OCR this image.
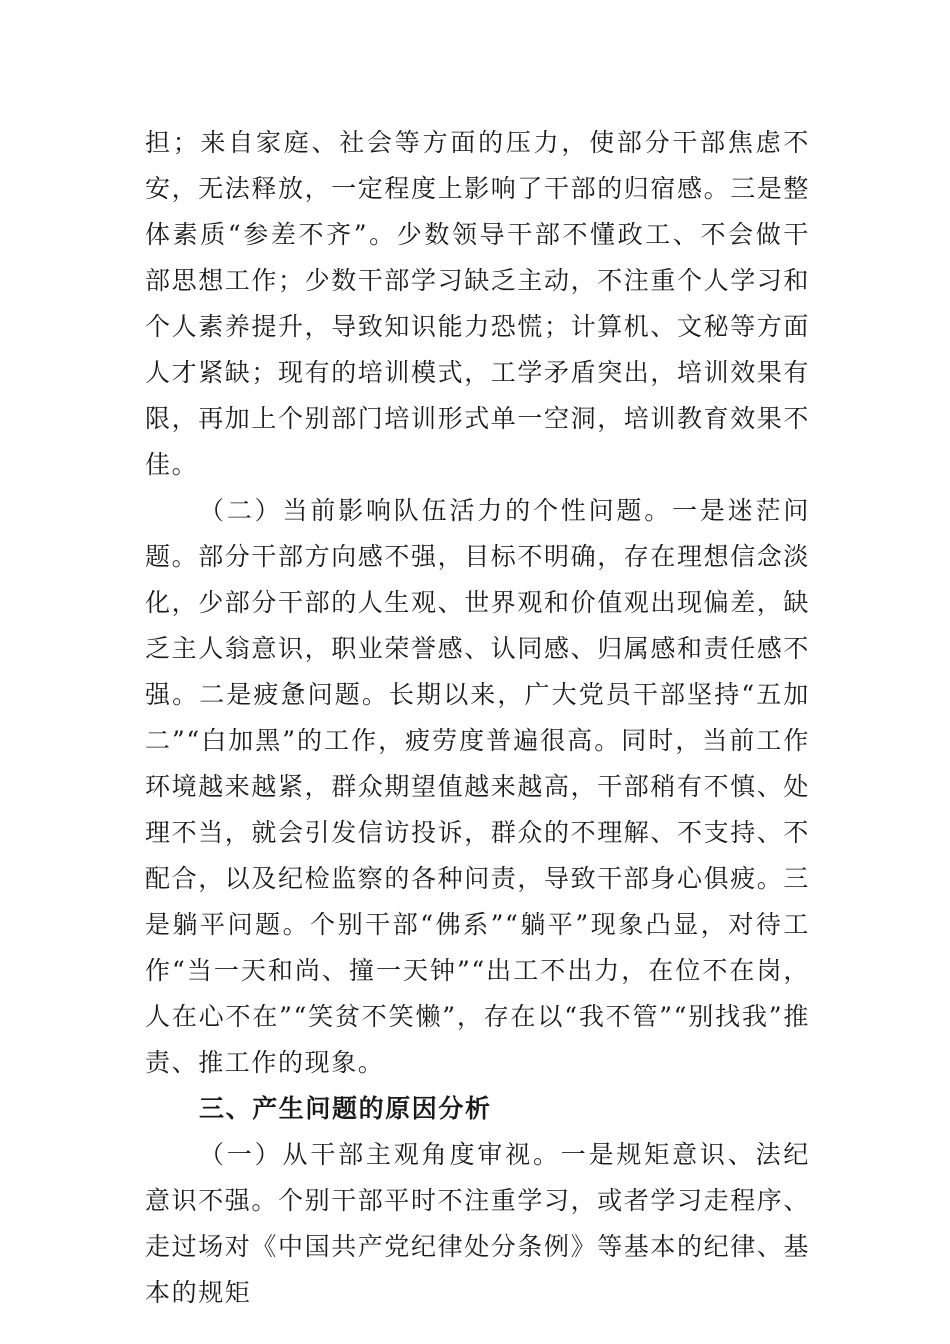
担；来自家庭、社会等方面的压力，使部分干部焦虑不安，无法释放，一定程度上影响了干部的归宿感。三是整体素质“参差不齐”。少数领导干部不懂政工、不会做干部思想工作；少数干部学习缺乏主动，不注重个人学习和个人素养提升，导致知识能力恐慌；计算机、文秘等方面人才紧缺；现有的培训模式，工学矛盾突出，培训效果有限，再加上个别部门培训形式单一空洞，培训教育效果不佳。

（二）当前影响队伍活力的个性问题。一是迷茫问题。部分干部方向感不强，目标不明确，存在理想信念淡化，少部分干部的人生观、世界观和价值观出现偏差，缺乏主人翁意识，职业荣誉感、认同感、归属感和责任感不强。二是疲惫问题。长期以来，广大党员干部坚持“五加二”“白加黑”的工作，疲劳度普遍很高。同时，当前工作环境越来越紧，群众期望值越来越高，干部稍有不慎、处理不当，就会引发信访投诉，群众的不理解、不支持、不配合，以及纪检监察的各种问责，导致干部身心俱疲。三是躺平问题。个别干部“佛系”“躺平”现象凸显，对待工作“当一天和尚、撞一天钟”“出工不出力，在位不在岗，人在心不在”“笑贫不笑懒”，存在以“我不管”“别找我”推责、推工作的现象。

三、产生问题的原因分析

（一）从干部主观角度审视。一是规矩意识、法纪意识不强。个别干部平时不注重学习，或者学习走程序、走过场对《中国共产党纪律处分条例》等基本的纪律、基本的规矩
